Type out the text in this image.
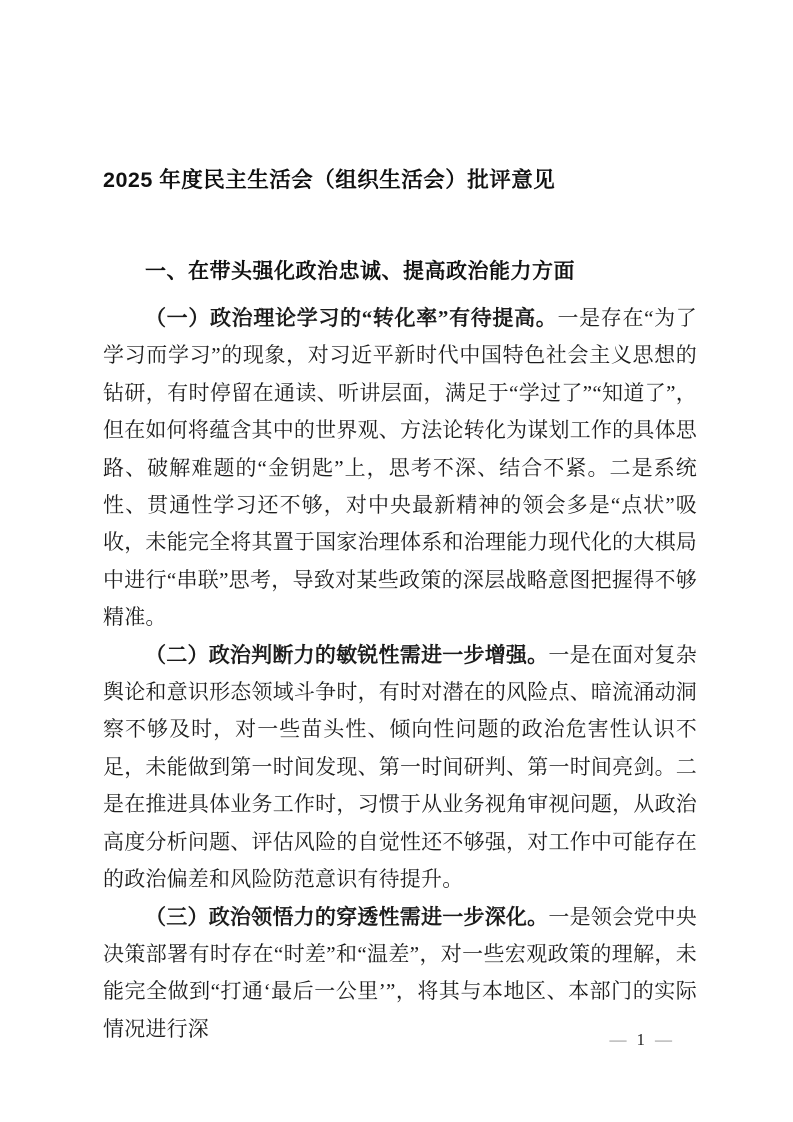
2025 年度民主生活会（组织生活会）批评意见
一、在带头强化政治忠诚、提高政治能力方面

（一）政治理论学习的“转化率”有待提高。一是存在“为了学习而学习”的现象，对习近平新时代中国特色社会主义思想的钻研，有时停留在通读、听讲层面，满足于“学过了”“知道了”，但在如何将蕴含其中的世界观、方法论转化为谋划工作的具体思路、破解难题的“金钥匙”上，思考不深、结合不紧。二是系统性、贯通性学习还不够，对中央最新精神的领会多是“点状”吸收，未能完全将其置于国家治理体系和治理能力现代化的大棋局中进行“串联”思考，导致对某些政策的深层战略意图把握得不够精准。

（二）政治判断力的敏锐性需进一步增强。一是在面对复杂舆论和意识形态领域斗争时，有时对潜在的风险点、暗流涌动洞察不够及时，对一些苗头性、倾向性问题的政治危害性认识不足，未能做到第一时间发现、第一时间研判、第一时间亮剑。二是在推进具体业务工作时，习惯于从业务视角审视问题，从政治高度分析问题、评估风险的自觉性还不够强，对工作中可能存在的政治偏差和风险防范意识有待提升。

（三）政治领悟力的穿透性需进一步深化。一是领会党中央决策部署有时存在“时差”和“温差”，对一些宏观政策的理解，未能完全做到“打通‘最后一公里’”，将其与本地区、本部门的实际情况进行深	— 1 —
